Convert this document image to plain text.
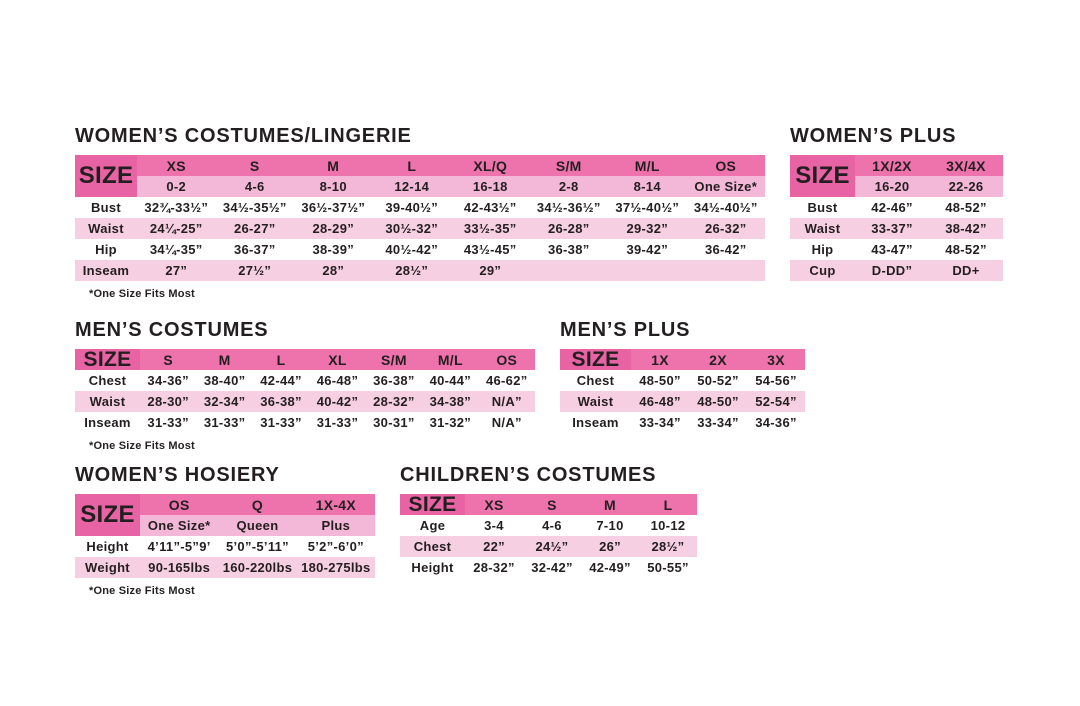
WOMEN’S COSTUMES/LINGERIE
SIZE	XS	S	M	L	XL/Q	S/M	M/L	OS
0-2	4-6	8-10	12-14	16-18	2-8	8-14	One Size*
Bust	32¾-33½”	34½-35½”	36½-37½”	39-40½”	42-43½”	34½-36½”	37½-40½”	34½-40½”
Waist	24¼-25”	26-27”	28-29”	30½-32”	33½-35”	26-28”	29-32”	26-32”
Hip	34¼-35”	36-37”	38-39”	40½-42”	43½-45”	36-38”	39-42”	36-42”
Inseam	27”	27½”	28”	28½”	29”
*One Size Fits Most
WOMEN’S PLUS
SIZE	1X/2X	3X/4X
16-20	22-26
Bust	42-46”	48-52”
Waist	33-37”	38-42”
Hip	43-47”	48-52”
Cup	D-DD”	DD+
MEN’S COSTUMES
SIZE	S	M	L	XL	S/M	M/L	OS
Chest	34-36”	38-40”	42-44”	46-48”	36-38”	40-44”	46-62”
Waist	28-30”	32-34”	36-38”	40-42”	28-32”	34-38”	N/A”
Inseam	31-33”	31-33”	31-33”	31-33”	30-31”	31-32”	N/A”
*One Size Fits Most
MEN’S PLUS
SIZE	1X	2X	3X
Chest	48-50”	50-52”	54-56”
Waist	46-48”	48-50”	52-54”
Inseam	33-34”	33-34”	34-36”
WOMEN’S HOSIERY
SIZE	OS	Q	1X-4X
One Size*	Queen	Plus
Height	4’11”-5”9’	5’0”-5’11”	5’2”-6’0”
Weight	90-165lbs 160-220lbs 180-275lbs
*One Size Fits Most
CHILDREN’S COSTUMES
SIZE	XS	S	M	L
Age	3-4	4-6	7-10	10-12
Chest	22”	24½”	26”	28½”
Height	28-32”	32-42”	42-49”	50-55”
